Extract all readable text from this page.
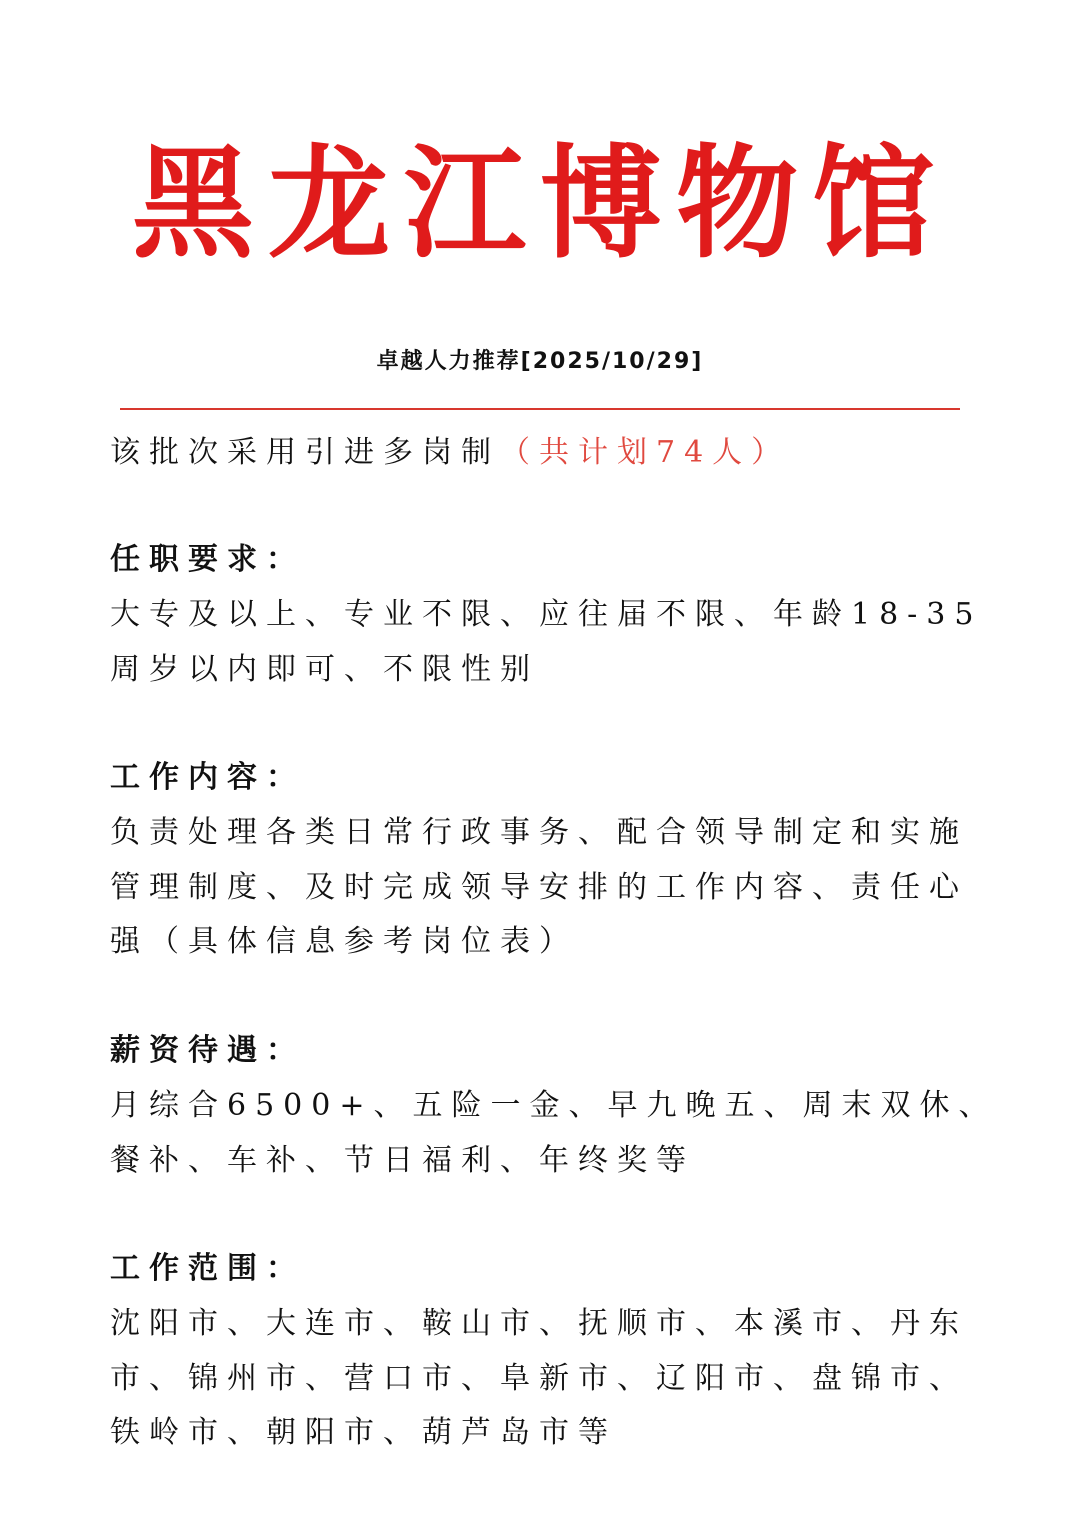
黑龙江博物馆
卓越人力推荐[2025/10/29]
该批次采用引进多岗制（共计划74人）
任职要求：
大专及以上、专业不限、应往届不限、年龄18-35
周岁以内即可、不限性别
工作内容：
负责处理各类日常行政事务、配合领导制定和实施
管理制度、及时完成领导安排的工作内容、责任心
强（具体信息参考岗位表）
薪资待遇：
月综合6500+、五险一金、早九晚五、周末双休、
餐补、车补、节日福利、年终奖等
工作范围：
沈阳市、大连市、鞍山市、抚顺市、本溪市、丹东
市、锦州市、营口市、阜新市、辽阳市、盘锦市、
铁岭市、朝阳市、葫芦岛市等
